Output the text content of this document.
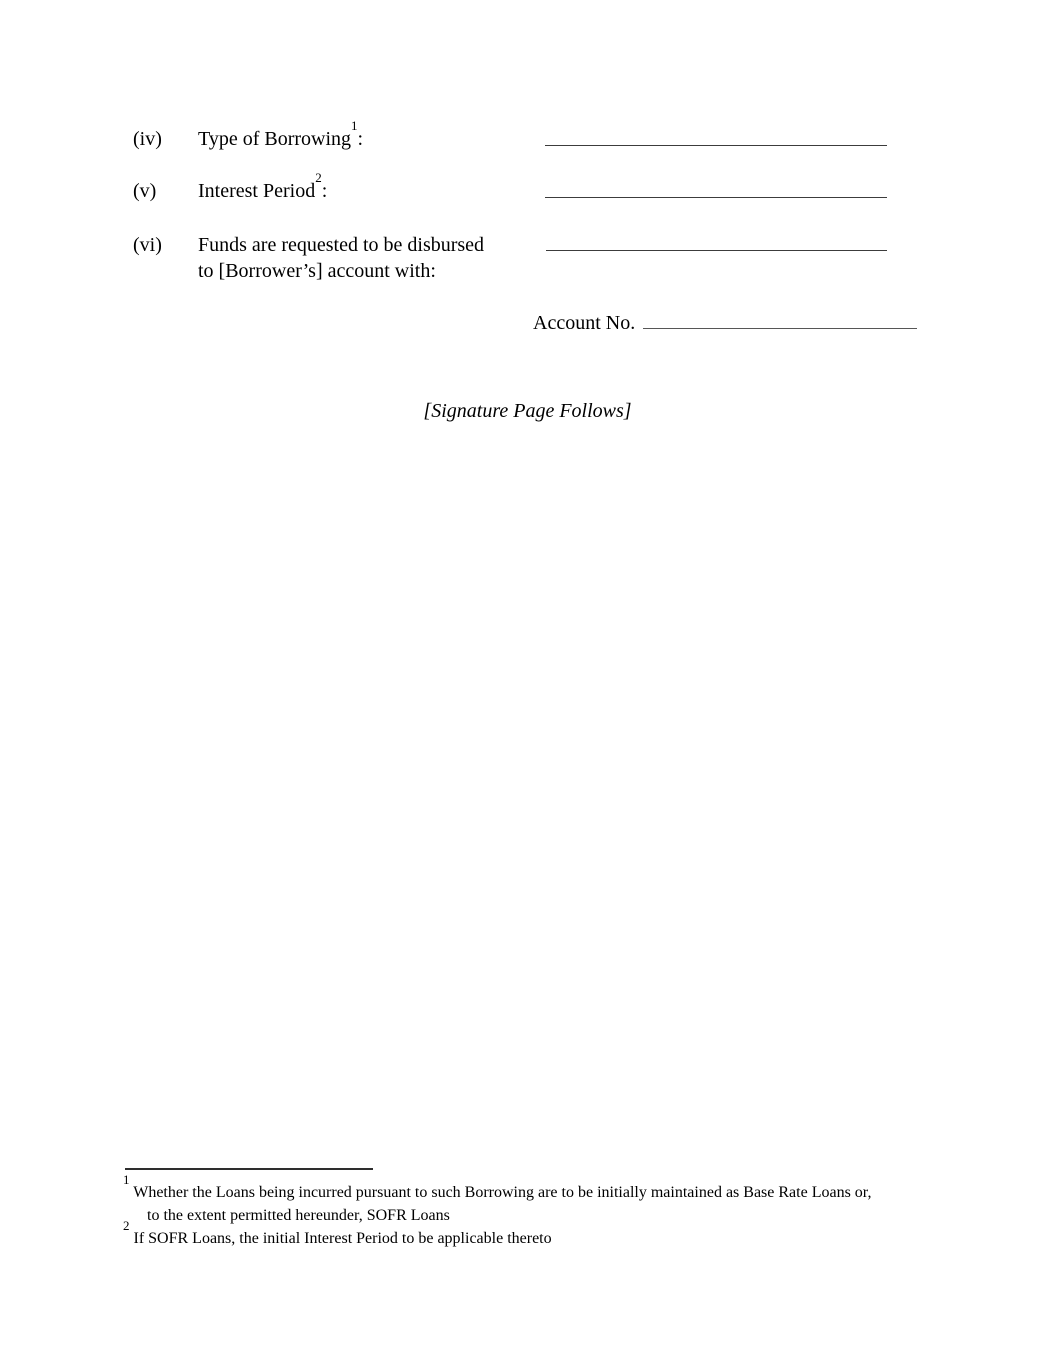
(iv) Type of Borrowing$^1$:
(v) Interest Period$^2$:
(vi) Funds are requested to be disbursed
to [Borrower’s] account with:
Account No.
[Signature Page Follows]
$^1$ Whether the Loans being incurred pursuant to such Borrowing are to be initially maintained as Base Rate Loans or,
to the extent permitted hereunder, SOFR Loans
$^2$ If SOFR Loans, the initial Interest Period to be applicable thereto
